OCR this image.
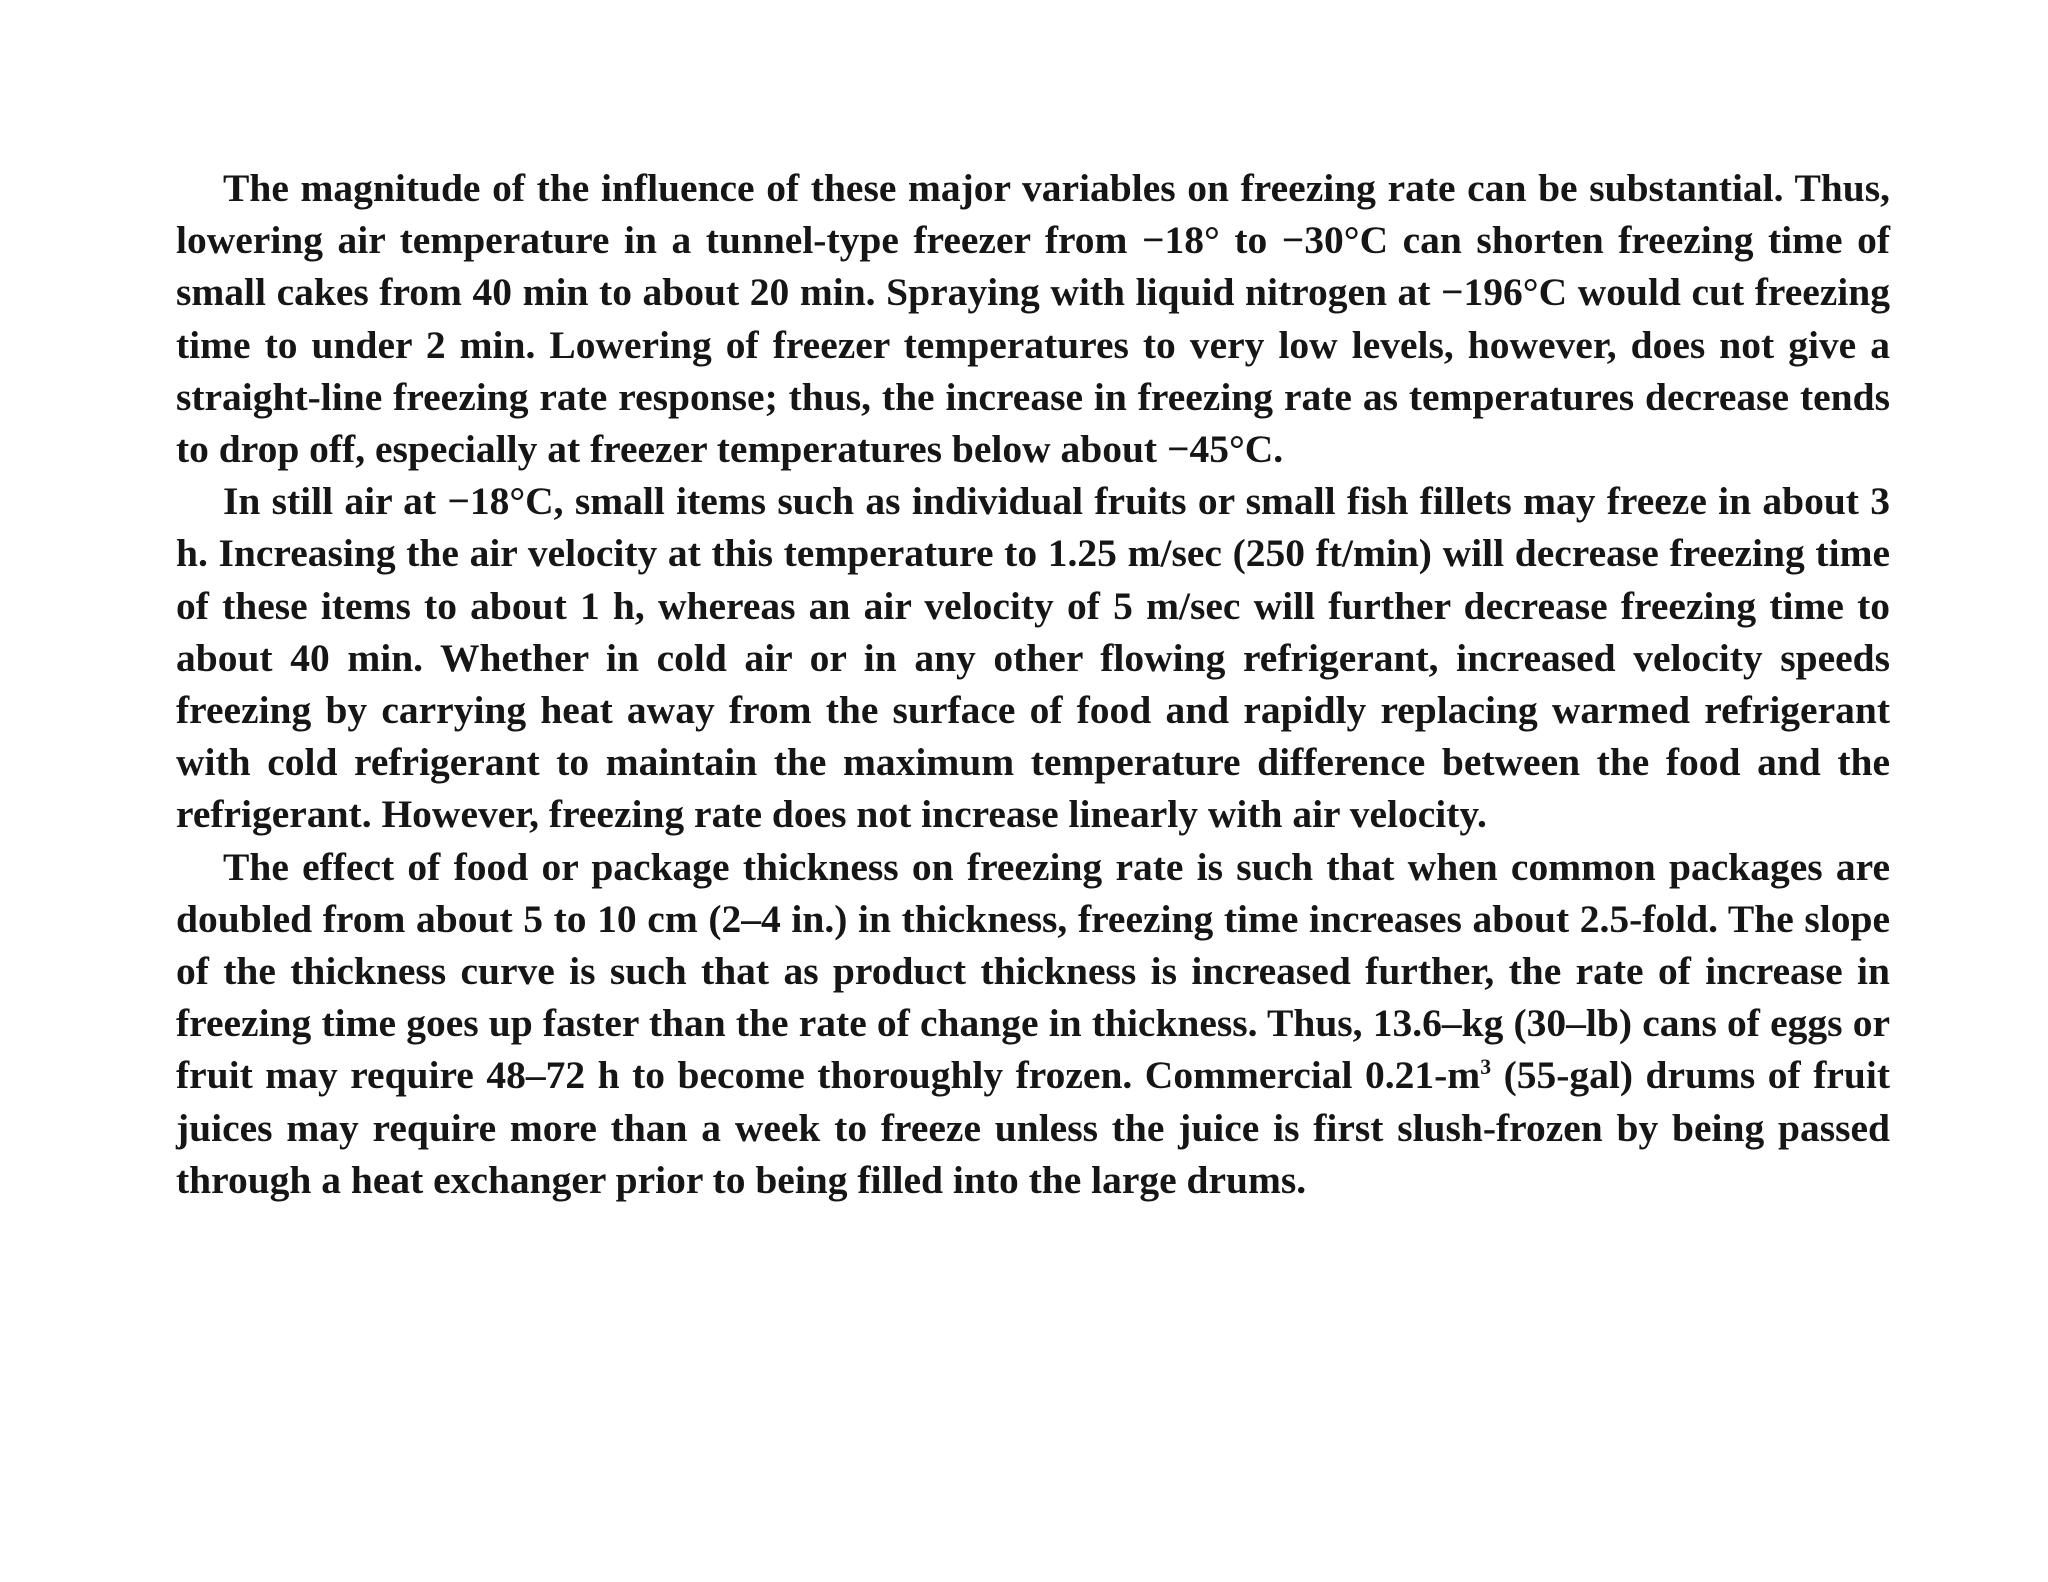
The magnitude of the influence of these major variables on freezing rate can be substantial. Thus, lowering air temperature in a tunnel-type freezer from −18° to −30°C can shorten freezing time of small cakes from 40 min to about 20 min. Spraying with liquid nitrogen at −196°C would cut freezing time to under 2 min. Lowering of freezer temperatures to very low levels, however, does not give a straight-line freezing rate response; thus, the increase in freezing rate as temperatures decrease tends to drop off, especially at freezer temperatures below about −45°C.

In still air at −18°C, small items such as individual fruits or small fish fillets may freeze in about 3 h. Increasing the air velocity at this temperature to 1.25 m/sec (250 ft/min) will decrease freezing time of these items to about 1 h, whereas an air velocity of 5 m/sec will further decrease freezing time to about 40 min. Whether in cold air or in any other flowing refrigerant, increased velocity speeds freezing by carrying heat away from the surface of food and rapidly replacing warmed refrigerant with cold refrigerant to maintain the maximum temperature difference between the food and the refrigerant. However, freezing rate does not increase linearly with air velocity.

The effect of food or package thickness on freezing rate is such that when common packages are doubled from about 5 to 10 cm (2–4 in.) in thickness, freezing time increases about 2.5-fold. The slope of the thickness curve is such that as product thickness is increased further, the rate of increase in freezing time goes up faster than the rate of change in thickness. Thus, 13.6–kg (30–lb) cans of eggs or fruit may require 48–72 h to become thoroughly frozen. Commercial $0.21-m^3$ (55-gal) drums of fruit juices may require more than a week to freeze unless the juice is first slush-frozen by being passed through a heat exchanger prior to being filled into the large drums.
